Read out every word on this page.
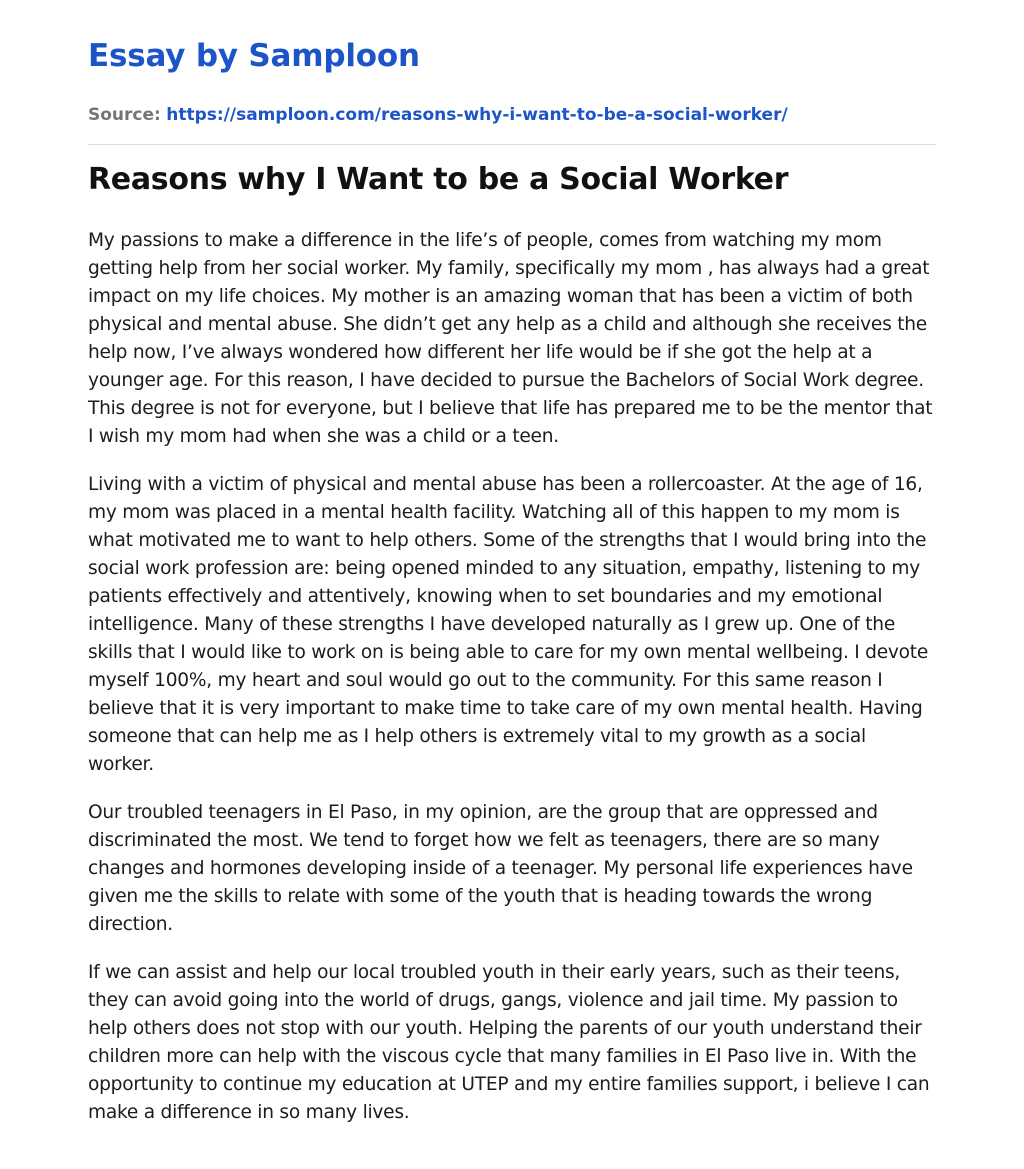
Essay by Samploon
Source: https://samploon.com/reasons-why-i-want-to-be-a-social-worker/
Reasons why I Want to be a Social Worker

My passions to make a difference in the life’s of people, comes from watching my mom getting help from her social worker. My family, specifically my mom , has always had a great impact on my life choices. My mother is an amazing woman that has been a victim of both physical and mental abuse. She didn’t get any help as a child and although she receives the help now, I’ve always wondered how different her life would be if she got the help at a younger age. For this reason, I have decided to pursue the Bachelors of Social Work degree. This degree is not for everyone, but I believe that life has prepared me to be the mentor that I wish my mom had when she was a child or a teen.

Living with a victim of physical and mental abuse has been a rollercoaster. At the age of 16, my mom was placed in a mental health facility. Watching all of this happen to my mom is what motivated me to want to help others. Some of the strengths that I would bring into the social work profession are: being opened minded to any situation, empathy, listening to my patients effectively and attentively, knowing when to set boundaries and my emotional intelligence. Many of these strengths I have developed naturally as I grew up. One of the skills that I would like to work on is being able to care for my own mental wellbeing. I devote myself 100%, my heart and soul would go out to the community. For this same reason I believe that it is very important to make time to take care of my own mental health. Having someone that can help me as I help others is extremely vital to my growth as a social worker.

Our troubled teenagers in El Paso, in my opinion, are the group that are oppressed and discriminated the most. We tend to forget how we felt as teenagers, there are so many changes and hormones developing inside of a teenager. My personal life experiences have given me the skills to relate with some of the youth that is heading towards the wrong direction.

If we can assist and help our local troubled youth in their early years, such as their teens, they can avoid going into the world of drugs, gangs, violence and jail time. My passion to help others does not stop with our youth. Helping the parents of our youth understand their children more can help with the viscous cycle that many families in El Paso live in. With the opportunity to continue my education at UTEP and my entire families support, i believe I can make a difference in so many lives.
